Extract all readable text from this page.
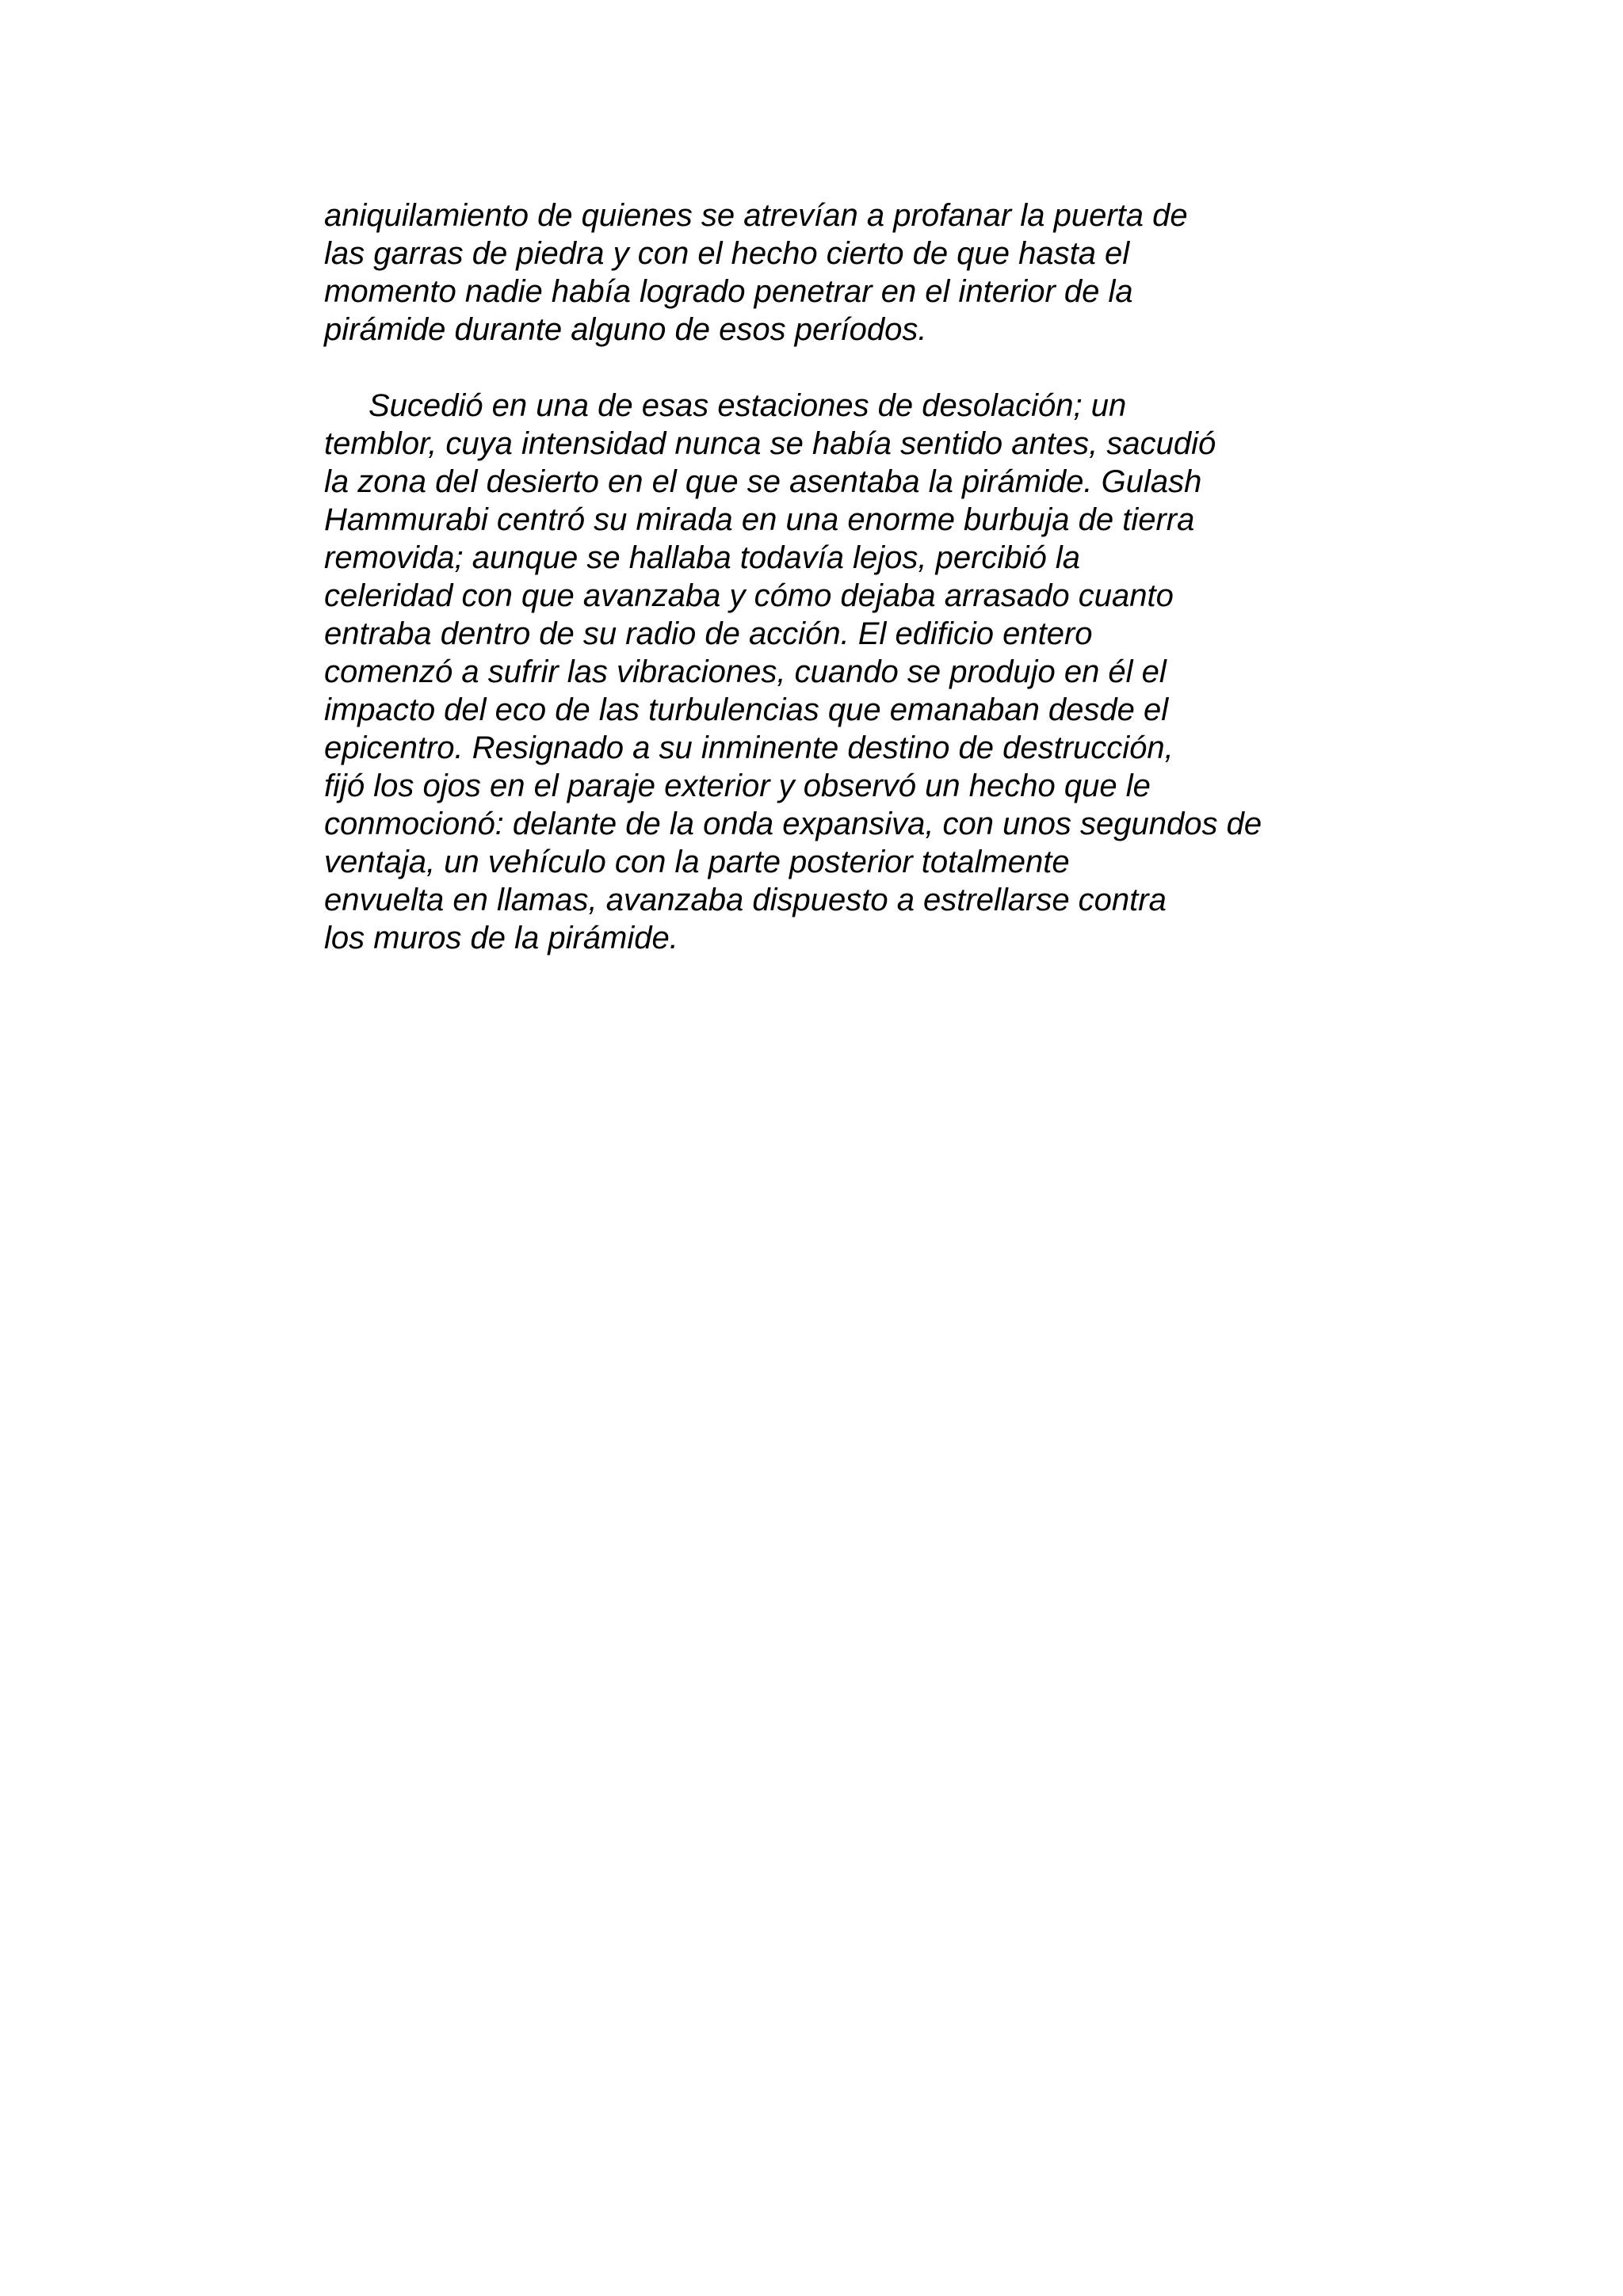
aniquilamiento de quienes se atrevían a profanar la puerta de
las garras de piedra y con el hecho cierto de que hasta el
momento nadie había logrado penetrar en el interior de la
pirámide durante alguno de esos períodos.

Sucedió en una de esas estaciones de desolación; un
temblor, cuya intensidad nunca se había sentido antes, sacudió
la zona del desierto en el que se asentaba la pirámide. Gulash
Hammurabi centró su mirada en una enorme burbuja de tierra
removida; aunque se hallaba todavía lejos, percibió la
celeridad con que avanzaba y cómo dejaba arrasado cuanto
entraba dentro de su radio de acción. El edificio entero
comenzó a sufrir las vibraciones, cuando se produjo en él el
impacto del eco de las turbulencias que emanaban desde el
epicentro. Resignado a su inminente destino de destrucción,
fijó los ojos en el paraje exterior y observó un hecho que le
conmocionó: delante de la onda expansiva, con unos segundos de
ventaja, un vehículo con la parte posterior totalmente
envuelta en llamas, avanzaba dispuesto a estrellarse contra
los muros de la pirámide.
